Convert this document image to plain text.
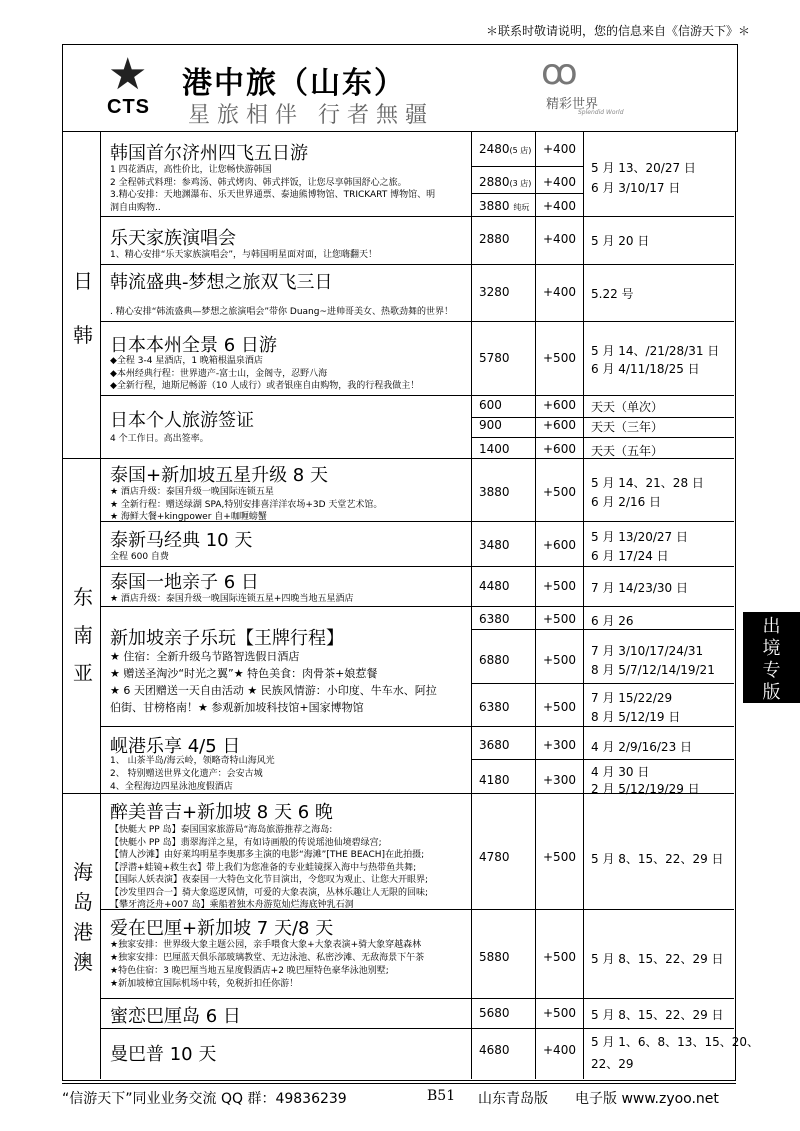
＊联系时敬请说明，您的信息来自《信游天下》＊
★
CTS
港中旅（山东）
星旅相伴 行者無疆
ꝏ
精彩世界
Splendid World
日
韩
东
南
亚
海
岛
港
澳
韩国首尔济州四飞五日游
1 四花酒店，高性价比，让您畅快游韩国
2 全程韩式料理：参鸡汤、韩式烤肉、韩式拌饭，让您尽享韩国舒心之旅。
3.精心安排：天地渊瀑布、乐天世界通票、泰迪熊博物馆、TRICKART 博物馆、明
洞自由购物..
2480(5 店) +400
2880(3 店) +400
3880 纯玩 +400
5 月 13、20/27 日
6 月 3/10/17 日
乐天家族演唱会
1、精心安排“乐天家族演唱会”，与韩国明星面对面，让您嗨翻天！
2880	+400 5 月 20 日
韩流盛典-梦想之旅双飞三日
. 精心安排“韩流盛典—梦想之旅演唱会”带你 Duang~进帅哥美女、热歌劲舞的世界！
3280	+400 5.22 号
日本本州全景 6 日游
◆全程 3-4 星酒店，1 晚箱根温泉酒店
◆本州经典行程：世界遗产-富士山，金阁寺，忍野八海
◆全新行程，迪斯尼畅游（10 人成行）或者银座自由购物，我的行程我做主！
5780	+500 5 月 14、/21/28/31 日
6 月 4/11/18/25 日
日本个人旅游签证
4 个工作日。高出签率。
600	+600 天天（单次）
900	+600 天天（三年）
1400	+600 天天（五年）
泰国+新加坡五星升级 8 天
★ 酒店升级：泰国升级一晚国际连锁五星
★ 全新行程：赠送绿湖 SPA,特别安排喜洋洋农场+3D 天堂艺术馆。
★ 海鲜大餐+kingpower 自+咖喱螃蟹
3880	+500
5 月 14、21、28 日
6 月 2/16 日
泰新马经典 10 天
全程 600 自费
3480	+600
5 月 13/20/27 日
6 月 17/24 日
泰国一地亲子 6 日
★ 酒店升级：泰国升级一晚国际连锁五星+四晚当地五星酒店
4480	+500 7 月 14/23/30 日
新加坡亲子乐玩【王牌行程】
★ 住宿：全新升级乌节路智选假日酒店
★ 赠送圣淘沙“时光之翼”★ 特色美食：肉骨茶+娘惹餐
★ 6 天团赠送一天自由活动 ★ 民族风情游：小印度、牛车水、阿拉
伯街、甘榜格南！★ 参观新加坡科技馆+国家博物馆
6380	+500 6 月 26
6880	+500
7 月 3/10/17/24/31
8 月 5/7/12/14/19/21
6380	+500
7 月 15/22/29
8 月 5/12/19 日
岘港乐享 4/5 日
1、 山茶半岛/海云岭，领略奇特山海风光
2、 特别赠送世界文化遗产：会安古城
4、全程海边四星泳池度假酒店
3680	+300 4 月 2/9/16/23 日
4180	+300
4 月 30 日
2 月 5/12/19/29 日
醉美普吉+新加坡 8 天 6 晚
【快艇大 PP 岛】泰国国家旅游局“海岛旅游推荐之海岛:
【快艇小 PP 岛】翡翠海洋之星，有如诗画般的传说瑶池仙境碧绿宫;
【情人沙滩】由好莱坞明星李奥那多主演的电影“海滩”[THE BEACH]在此拍摄;
【浮潜+蛙镜+救生衣】带上我们为您准备的专业蛙镜探入海中与热带鱼共舞;
【国际人妖表演】夜泰国一大特色文化节目演出，令您叹为观止、让您大开眼界;
【沙发里四合一】骑大象巡逻风情，可爱的大象表演，丛林乐趣让人无限的回味;
【攀牙湾泛舟+007 岛】乘船着独木舟游览灿烂海底钟乳石洞
4780	+500 5 月 8、15、22、29 日
爱在巴厘+新加坡 7 天/8 天
★独家安排：世界级大象主题公园，亲手喂食大象+大象表演+骑大象穿越森林
★独家安排：巴厘蓝天俱乐部玻璃教堂、无边泳池、私密沙滩、无敌海景下午茶
★特色住宿：3 晚巴厘当地五星度假酒店+2 晚巴厘特色豪华泳池别墅;
★新加坡樟宜国际机场中转，免税折扣任你游！
5880	+500 5 月 8、15、22、29 日
蜜恋巴厘岛 6 日	5680	+500 5 月 8、15、22、29 日
曼巴普 10 天	4680	+400
5 月 1、6、8、13、15、20、
22、29
出
境
专
版
“信游天下”同业业务交流 QQ 群：49836239	B51 山东青岛版 电子版 www.zyoo.net
